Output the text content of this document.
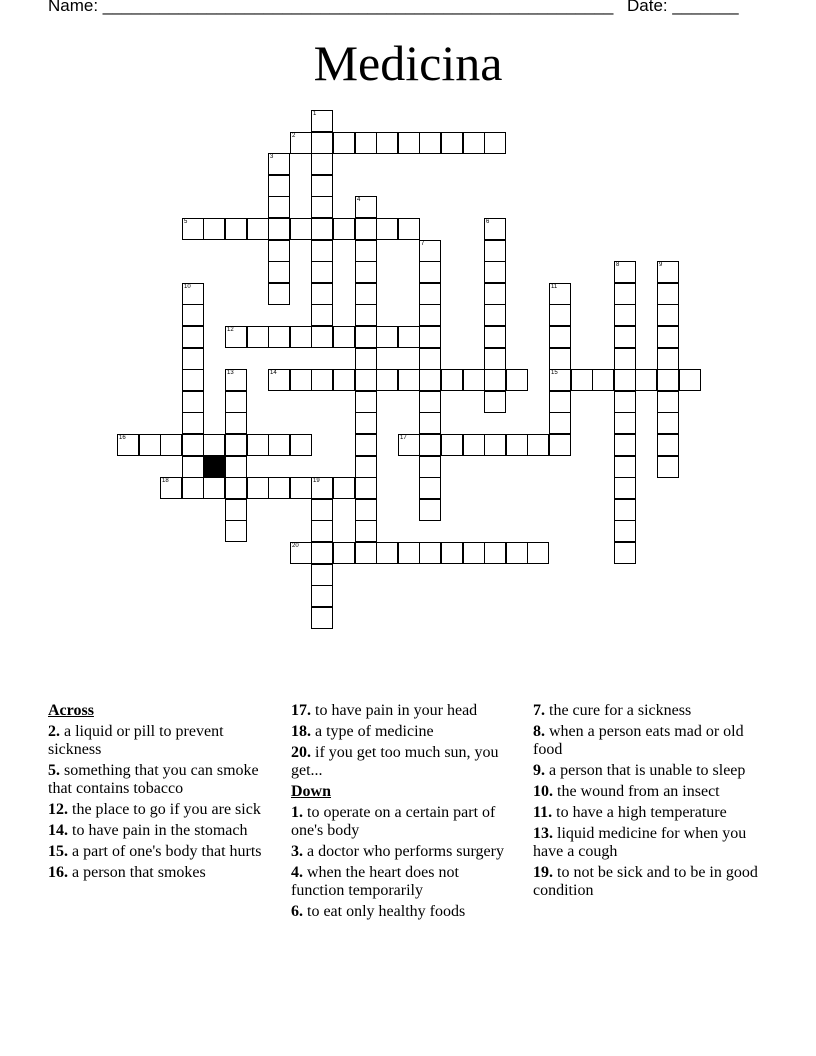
Name: ______________________________________________________ Date: _______
Medicina
2
5
12
14	15
16	17
18	19
20
1
3
4
6
7
8	9
10	11
13
Across
2. a liquid or pill to prevent sickness
5. something that you can smoke that contains tobacco
12. the place to go if you are sick
14. to have pain in the stomach
15. a part of one's body that hurts
16. a person that smokes
17. to have pain in your head
18. a type of medicine
20. if you get too much sun, you get...
Down
1. to operate on a certain part of one's body
3. a doctor who performs surgery
4. when the heart does not function temporarily
6. to eat only healthy foods
7. the cure for a sickness
8. when a person eats mad or old food
9. a person that is unable to sleep
10. the wound from an insect
11. to have a high temperature
13. liquid medicine for when you have a cough
19. to not be sick and to be in good condition
